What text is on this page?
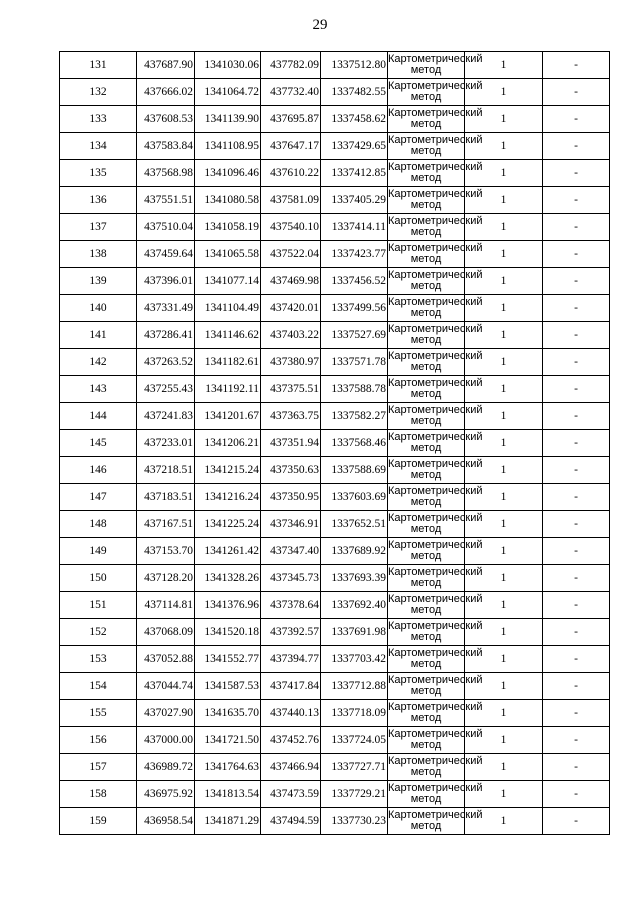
29
131	437687.90	1341030.06	437782.09	1337512.80	Картометрический метод	1	-
132	437666.02	1341064.72	437732.40	1337482.55	Картометрический метод	1	-
133	437608.53	1341139.90	437695.87	1337458.62	Картометрический метод	1	-
134	437583.84	1341108.95	437647.17	1337429.65	Картометрический метод	1	-
135	437568.98	1341096.46	437610.22	1337412.85	Картометрический метод	1	-
136	437551.51	1341080.58	437581.09	1337405.29	Картометрический метод	1	-
137	437510.04	1341058.19	437540.10	1337414.11	Картометрический метод	1	-
138	437459.64	1341065.58	437522.04	1337423.77	Картометрический метод	1	-
139	437396.01	1341077.14	437469.98	1337456.52	Картометрический метод	1	-
140	437331.49	1341104.49	437420.01	1337499.56	Картометрический метод	1	-
141	437286.41	1341146.62	437403.22	1337527.69	Картометрический метод	1	-
142	437263.52	1341182.61	437380.97	1337571.78	Картометрический метод	1	-
143	437255.43	1341192.11	437375.51	1337588.78	Картометрический метод	1	-
144	437241.83	1341201.67	437363.75	1337582.27	Картометрический метод	1	-
145	437233.01	1341206.21	437351.94	1337568.46	Картометрический метод	1	-
146	437218.51	1341215.24	437350.63	1337588.69	Картометрический метод	1	-
147	437183.51	1341216.24	437350.95	1337603.69	Картометрический метод	1	-
148	437167.51	1341225.24	437346.91	1337652.51	Картометрический метод	1	-
149	437153.70	1341261.42	437347.40	1337689.92	Картометрический метод	1	-
150	437128.20	1341328.26	437345.73	1337693.39	Картометрический метод	1	-
151	437114.81	1341376.96	437378.64	1337692.40	Картометрический метод	1	-
152	437068.09	1341520.18	437392.57	1337691.98	Картометрический метод	1	-
153	437052.88	1341552.77	437394.77	1337703.42	Картометрический метод	1	-
154	437044.74	1341587.53	437417.84	1337712.88	Картометрический метод	1	-
155	437027.90	1341635.70	437440.13	1337718.09	Картометрический метод	1	-
156	437000.00	1341721.50	437452.76	1337724.05	Картометрический метод	1	-
157	436989.72	1341764.63	437466.94	1337727.71	Картометрический метод	1	-
158	436975.92	1341813.54	437473.59	1337729.21	Картометрический метод	1	-
159	436958.54	1341871.29	437494.59	1337730.23	Картометрический метод	1	-
